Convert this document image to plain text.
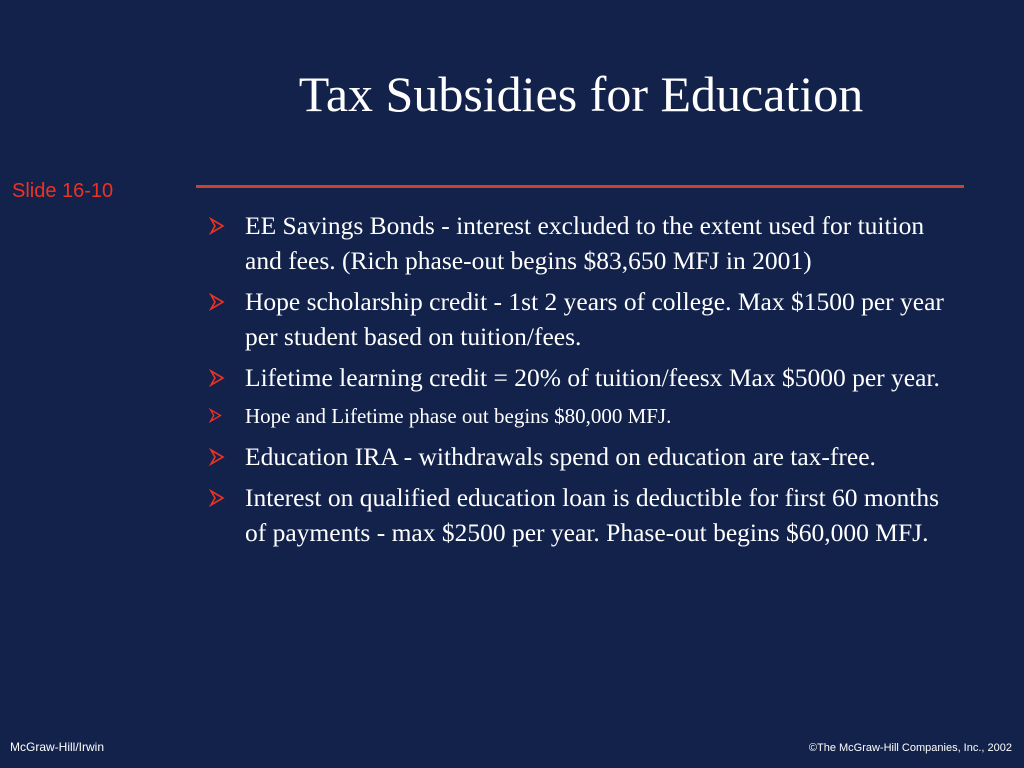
Tax Subsidies for Education
Slide 16-10
EE Savings Bonds - interest excluded to the extent used for tuition and fees. (Rich phase-out begins $83,650 MFJ in 2001)
Hope scholarship credit - 1st 2 years of college. Max $1500 per year per student based on tuition/fees.
Lifetime learning credit = 20% of tuition/feesx Max $5000 per year.
Hope and Lifetime phase out begins $80,000 MFJ.
Education IRA - withdrawals spend on education are tax-free.
Interest on qualified education loan is deductible for first 60 months of payments - max $2500 per year. Phase-out begins $60,000 MFJ.
McGraw-Hill/Irwin	©The McGraw-Hill Companies, Inc., 2002
